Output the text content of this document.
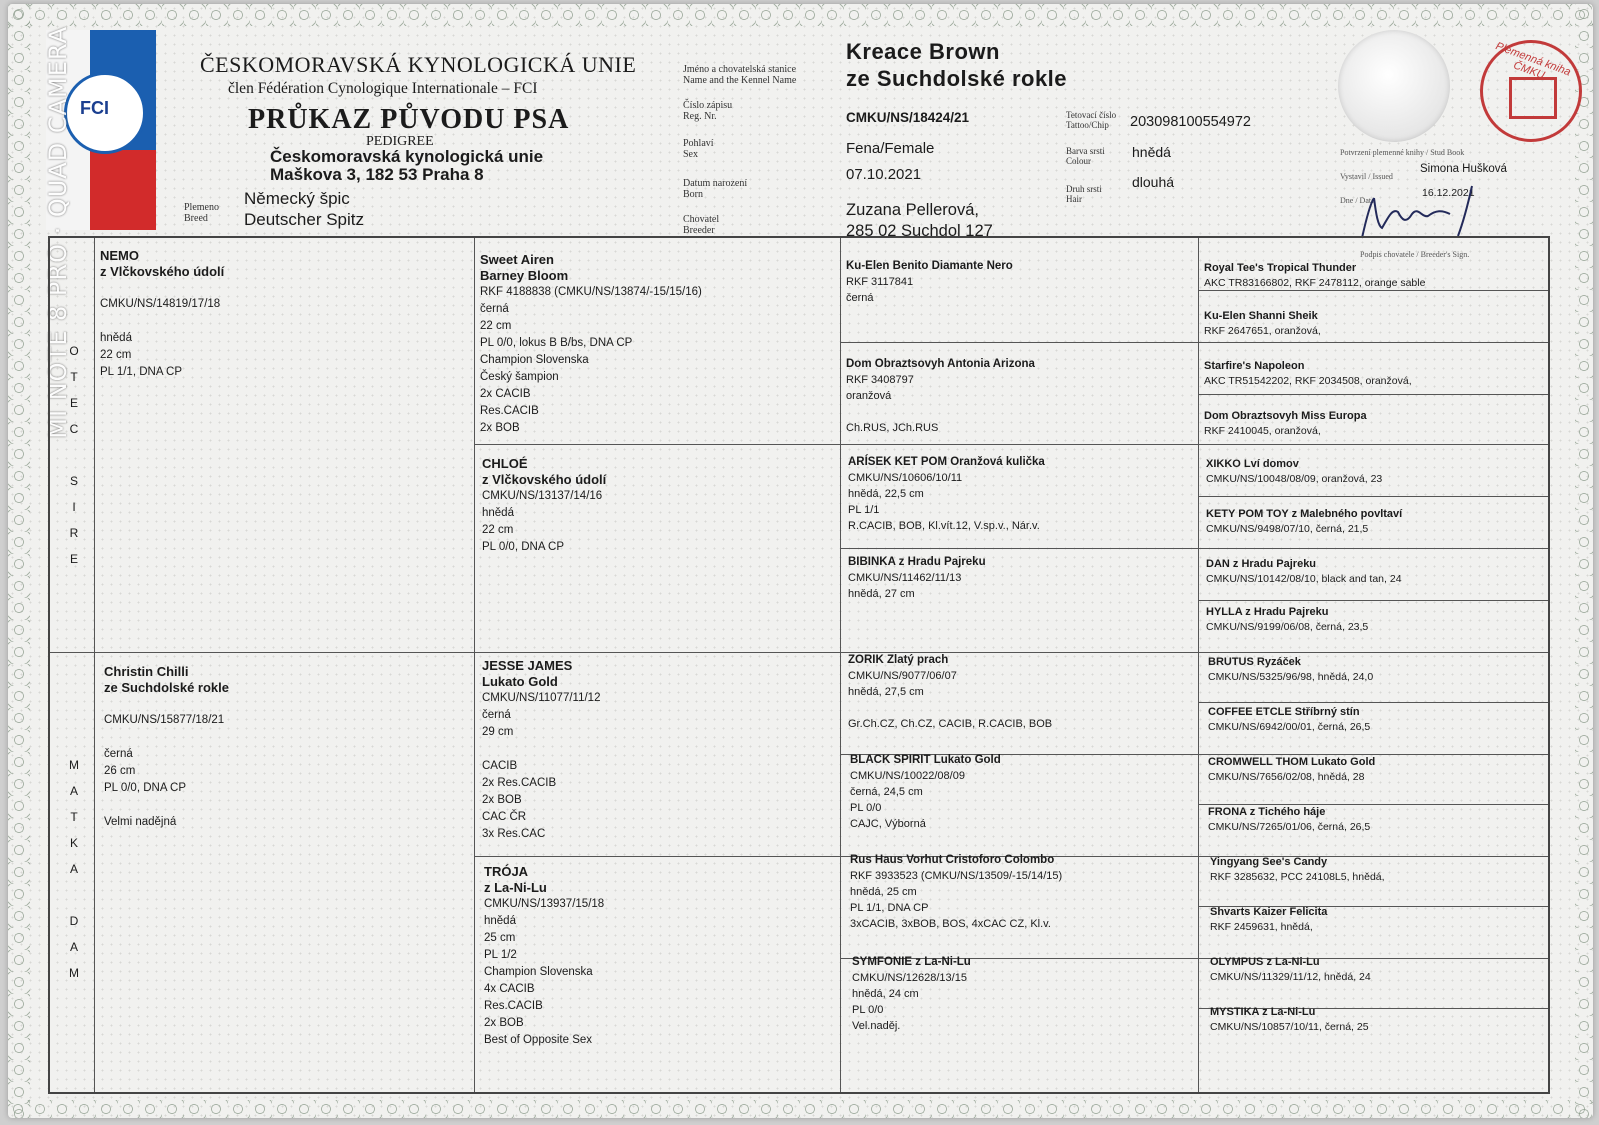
FCI
MI NOTE 8 PRO · QUAD CAMERA	ČESKOMORAVSKÁ KYNOLOGICKÁ UNIE
člen Fédération Cynologique Internationale – FCI
PRŮKAZ PŮVODU PSA
PEDIGREE
Českomoravská kynologická unie
Maškova 3, 182 53 Praha 8
Plemeno
Breed
Německý špic
Deutscher Spitz
Jméno a chovatelská stanice
Name and the Kennel Name
Číslo zápisu
Reg. Nr.
Pohlaví
Sex
Datum narození
Born
Chovatel
Breeder
Tetovací číslo
Tattoo/Chip
Barva srsti
Colour
Druh srsti
Hair
Kreace Brown
ze Suchdolské rokle
CMKU/NS/18424/21
Fena/Female
07.10.2021
Zuzana Pellerová,
285 02 Suchdol 127
203098100554972
hnědá
dlouhá
Plemenná kniha ČMKU
Potvrzení plemenné knihy / Stud Book
Vystavil / Issued
Simona Hušková
Dne / Date
16.12.2021
Podpis chovatele / Breeder's Sign.
O
T
E
C
S
I
R
E
M
A
T
K
A
D
A
M
NEMO
z Vlčkovského údolí
CMKU/NS/14819/17/18
hnědá
22 cm
PL 1/1, DNA CP
Christin Chilli
ze Suchdolské rokle
CMKU/NS/15877/18/21
černá
26 cm
PL 0/0, DNA CP
Velmi nadějná
Sweet Airen
Barney Bloom
RKF 4188838 (CMKU/NS/13874/-15/15/16)
černá
22 cm
PL 0/0, lokus B B/bs, DNA CP
Champion Slovenska
Český šampion
2x CACIB
Res.CACIB
2x BOB
CHLOÉ
z Vlčkovského údolí
CMKU/NS/13137/14/16
hnědá
22 cm
PL 0/0, DNA CP
JESSE JAMES
Lukato Gold
CMKU/NS/11077/11/12
černá
29 cm
CACIB
2x Res.CACIB
2x BOB
CAC ČR
3x Res.CAC
TRÓJA
z La-Ni-Lu
CMKU/NS/13937/15/18
hnědá
25 cm
PL 1/2
Champion Slovenska
4x CACIB
Res.CACIB
2x BOB
Best of Opposite Sex
Ku-Elen Benito Diamante Nero
RKF 3117841
černá
Dom Obraztsovyh Antonia Arizona
RKF 3408797
oranžová
Ch.RUS, JCh.RUS
ARÍSEK KET POM Oranžová kulička
CMKU/NS/10606/10/11
hnědá, 22,5 cm
PL 1/1
R.CACIB, BOB, Kl.vít.12, V.sp.v., Nár.v.
BIBINKA z Hradu Pajreku
CMKU/NS/11462/11/13
hnědá, 27 cm
ZORIK Zlatý prach
CMKU/NS/9077/06/07
hnědá, 27,5 cm
Gr.Ch.CZ, Ch.CZ, CACIB, R.CACIB, BOB
BLACK SPIRIT Lukato Gold
CMKU/NS/10022/08/09
černá, 24,5 cm
PL 0/0
CAJC, Výborná
Rus Haus Vorhut Cristoforo Colombo
RKF 3933523 (CMKU/NS/13509/-15/14/15)
hnědá, 25 cm
PL 1/1, DNA CP
3xCACIB, 3xBOB, BOS, 4xCAC CZ, Kl.v.
SYMFONIE z La-Ni-Lu
CMKU/NS/12628/13/15
hnědá, 24 cm
PL 0/0
Vel.naděj.
Royal Tee's Tropical Thunder
AKC TR83166802, RKF 2478112, orange sable
Ku-Elen Shanni Sheik
RKF 2647651, oranžová,
Starfire's Napoleon
AKC TR51542202, RKF 2034508, oranžová,
Dom Obraztsovyh Miss Europa
RKF 2410045, oranžová,
XIKKO Lví domov
CMKU/NS/10048/08/09, oranžová, 23
KETY POM TOY z Malebného povltaví
CMKU/NS/9498/07/10, černá, 21,5
DAN z Hradu Pajreku
CMKU/NS/10142/08/10, black and tan, 24
HYLLA z Hradu Pajreku
CMKU/NS/9199/06/08, černá, 23,5
BRUTUS Ryzáček
CMKU/NS/5325/96/98, hnědá, 24,0
COFFEE ETCLE Stříbrný stín
CMKU/NS/6942/00/01, černá, 26,5
CROMWELL THOM Lukato Gold
CMKU/NS/7656/02/08, hnědá, 28
FRONA z Tichého háje
CMKU/NS/7265/01/06, černá, 26,5
Yingyang See's Candy
RKF 3285632, PCC 24108L5, hnědá,
Shvarts Kaizer Felicita
RKF 2459631, hnědá,
OLYMPUS z La-Ni-Lu
CMKU/NS/11329/11/12, hnědá, 24
MYSTIKA z La-Ni-Lu
CMKU/NS/10857/10/11, černá, 25
